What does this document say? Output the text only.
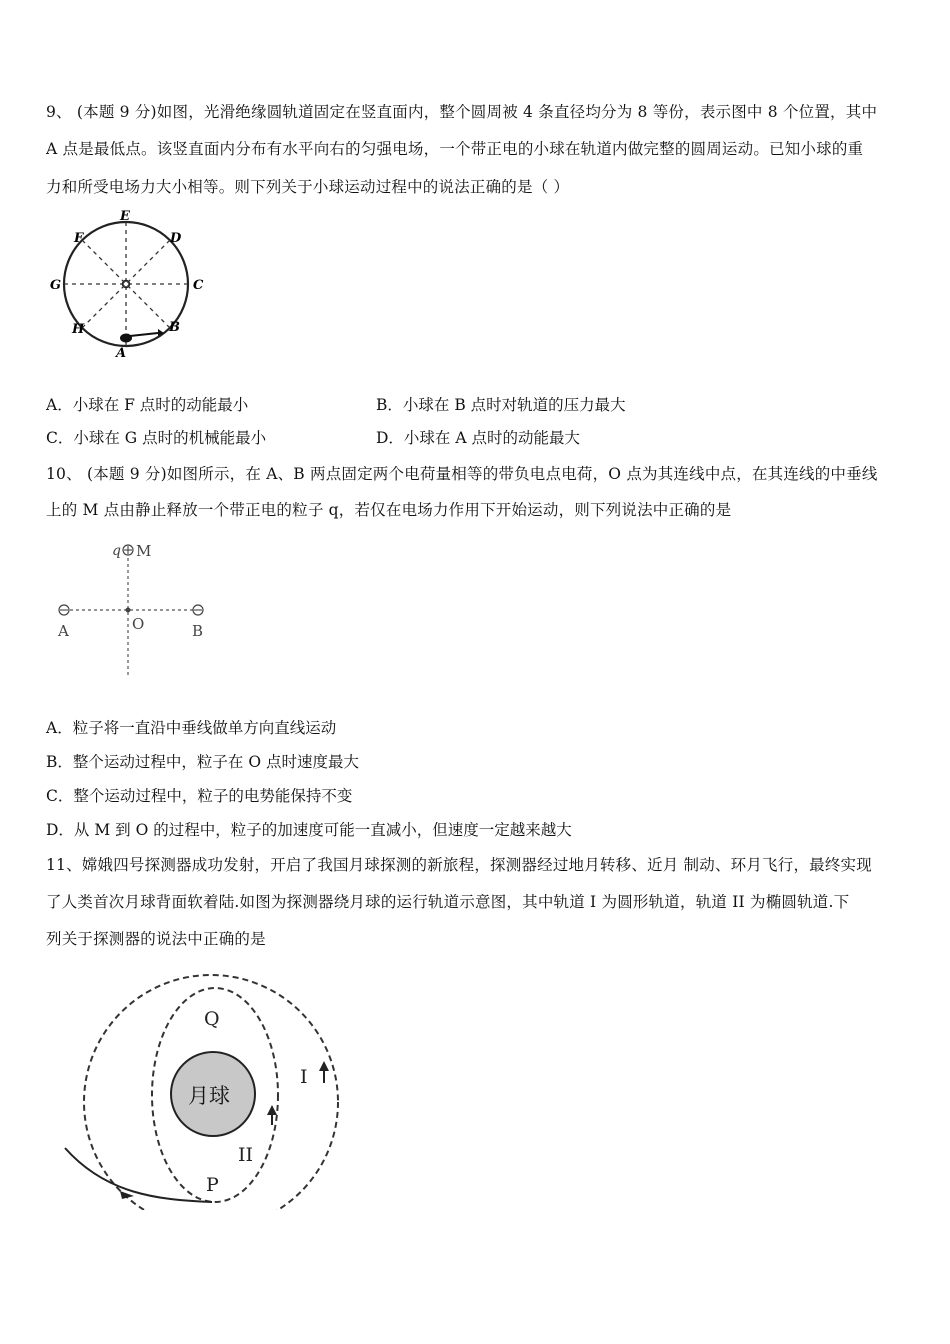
9、 (本题 9 分)如图，光滑绝缘圆轨道固定在竖直面内，整个圆周被 4 条直径均分为 8 等份，表示图中 8 个位置，其中
A 点是最低点。该竖直面内分布有水平向右的匀强电场，一个带正电的小球在轨道内做完整的圆周运动。已知小球的重
力和所受电场力大小相等。则下列关于小球运动过程中的说法正确的是（ ）
E
D
F
G	C
H	B
A
A．小球在 F 点时的动能最小	B．小球在 B 点时对轨道的压力最大
C．小球在 G 点时的机械能最小	D．小球在 A 点时的动能最大
10、 (本题 9 分)如图所示，在 A、B 两点固定两个电荷量相等的带负电点电荷，O 点为其连线中点，在其连线的中垂线
上的 M 点由静止释放一个带正电的粒子 q，若仅在电场力作用下开始运动，则下列说法中正确的是
q M
A	O	B
A．粒子将一直沿中垂线做单方向直线运动
B．整个运动过程中，粒子在 O 点时速度最大
C．整个运动过程中，粒子的电势能保持不变
D．从 M 到 O 的过程中，粒子的加速度可能一直减小，但速度一定越来越大
11、嫦娥四号探测器成功发射，开启了我国月球探测的新旅程，探测器经过地月转移、近月 制动、环月飞行，最终实现
了人类首次月球背面软着陆.如图为探测器绕月球的运行轨道示意图，其中轨道 I 为圆形轨道，轨道 II 为椭圆轨道.下
列关于探测器的说法中正确的是
Q
月球
I
II
P
